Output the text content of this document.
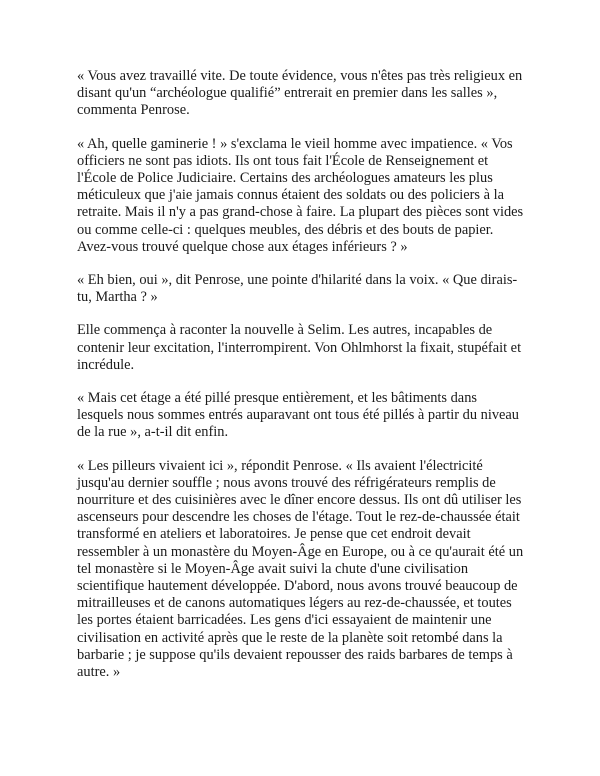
« Vous avez travaillé vite. De toute évidence, vous n'êtes pas très religieux en disant qu'un “archéologue qualifié” entrerait en premier dans les salles », commenta Penrose.

« Ah, quelle gaminerie ! » s'exclama le vieil homme avec impatience. « Vos officiers ne sont pas idiots. Ils ont tous fait l'École de Renseignement et l'École de Police Judiciaire. Certains des archéologues amateurs les plus méticuleux que j'aie jamais connus étaient des soldats ou des policiers à la retraite. Mais il n'y a pas grand-chose à faire. La plupart des pièces sont vides ou comme celle-ci : quelques meubles, des débris et des bouts de papier. Avez-vous trouvé quelque chose aux étages inférieurs ? »

« Eh bien, oui », dit Penrose, une pointe d'hilarité dans la voix. « Que dirais-tu, Martha ? »

Elle commença à raconter la nouvelle à Selim. Les autres, incapables de contenir leur excitation, l'interrompirent. Von Ohlmhorst la fixait, stupéfait et incrédule.

« Mais cet étage a été pillé presque entièrement, et les bâtiments dans lesquels nous sommes entrés auparavant ont tous été pillés à partir du niveau de la rue », a-t-il dit enfin.

« Les pilleurs vivaient ici », répondit Penrose. « Ils avaient l'électricité jusqu'au dernier souffle ; nous avons trouvé des réfrigérateurs remplis de nourriture et des cuisinières avec le dîner encore dessus. Ils ont dû utiliser les ascenseurs pour descendre les choses de l'étage. Tout le rez-de-chaussée était transformé en ateliers et laboratoires. Je pense que cet endroit devait ressembler à un monastère du Moyen-Âge en Europe, ou à ce qu'aurait été un tel monastère si le Moyen-Âge avait suivi la chute d'une civilisation scientifique hautement développée. D'abord, nous avons trouvé beaucoup de mitrailleuses et de canons automatiques légers au rez-de-chaussée, et toutes les portes étaient barricadées. Les gens d'ici essayaient de maintenir une civilisation en activité après que le reste de la planète soit retombé dans la barbarie ; je suppose qu'ils devaient repousser des raids barbares de temps à autre. »
